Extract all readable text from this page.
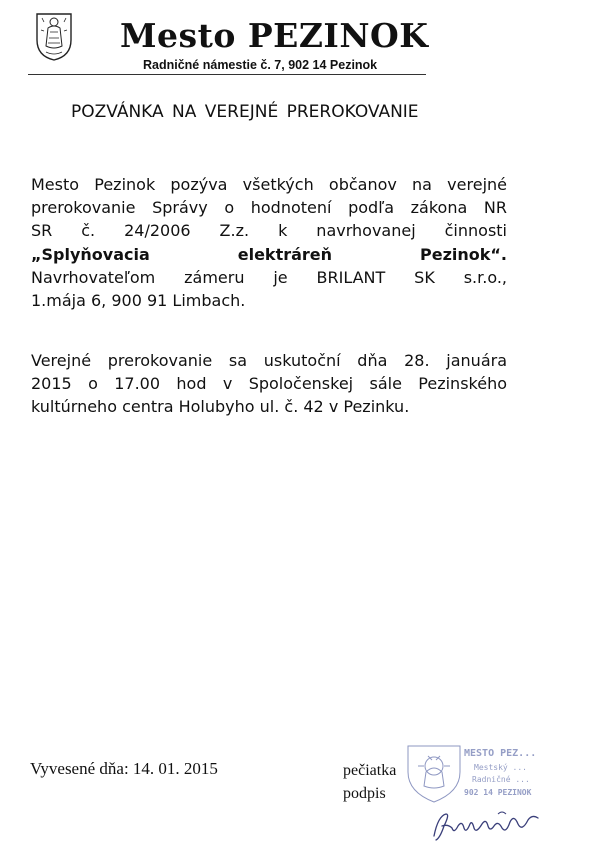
Mesto PEZINOK
Radničné námestie č. 7, 902 14 Pezinok
POZVÁNKA NA VEREJNÉ PREROKOVANIE
Mesto Pezinok pozýva všetkých občanov na verejné
prerokovanie Správy o hodnotení podľa zákona NR
SR č. 24/2006 Z.z. k navrhovanej činnosti
„Splyňovacia elektráreň Pezinok“.
Navrhovateľom zámeru je BRILANT SK s.r.o.,
1.mája 6, 900 91 Limbach.
Verejné prerokovanie sa uskutoční dňa 28. januára
2015 o 17.00 hod v Spoločenskej sále Pezinského
kultúrneho centra Holubyho ul. č. 42 v Pezinku.
Vyvesené dňa: 14. 01. 2015	pečiatka
podpis
MESTO PEZ...
Mestský ...
Radničné ...
902 14 PEZINOK
